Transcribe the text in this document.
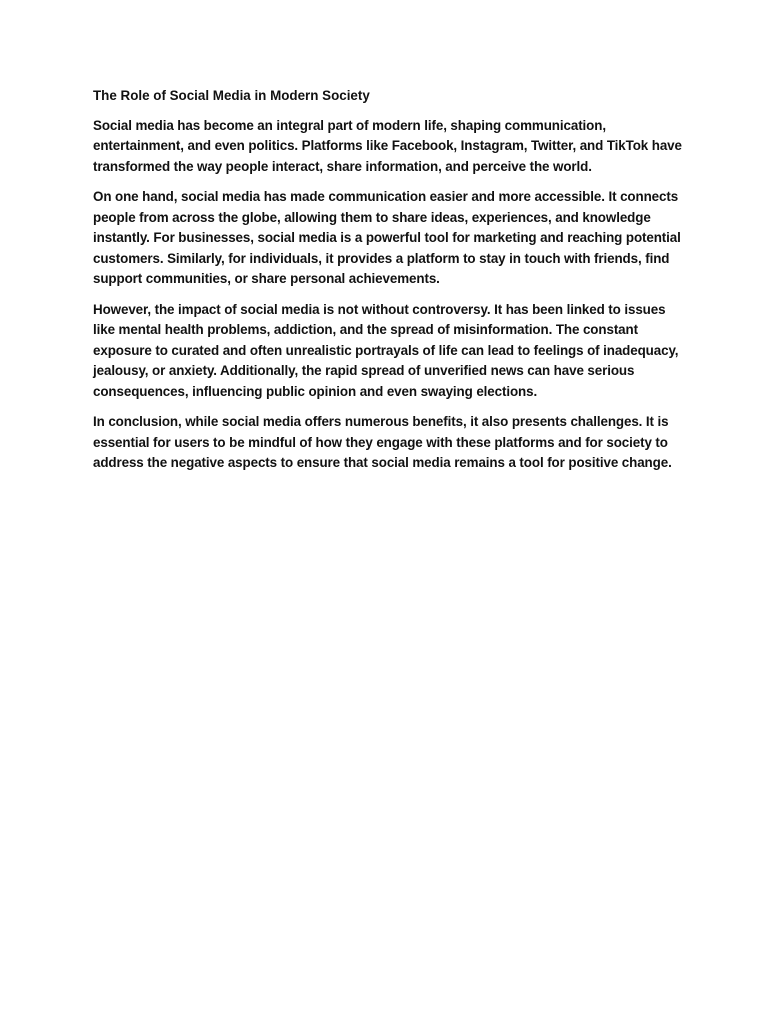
The Role of Social Media in Modern Society

Social media has become an integral part of modern life, shaping communication, entertainment, and even politics. Platforms like Facebook, Instagram, Twitter, and TikTok have transformed the way people interact, share information, and perceive the world.

On one hand, social media has made communication easier and more accessible. It connects people from across the globe, allowing them to share ideas, experiences, and knowledge instantly. For businesses, social media is a powerful tool for marketing and reaching potential customers. Similarly, for individuals, it provides a platform to stay in touch with friends, find support communities, or share personal achievements.

However, the impact of social media is not without controversy. It has been linked to issues like mental health problems, addiction, and the spread of misinformation. The constant exposure to curated and often unrealistic portrayals of life can lead to feelings of inadequacy, jealousy, or anxiety. Additionally, the rapid spread of unverified news can have serious consequences, influencing public opinion and even swaying elections.

In conclusion, while social media offers numerous benefits, it also presents challenges. It is essential for users to be mindful of how they engage with these platforms and for society to address the negative aspects to ensure that social media remains a tool for positive change.
